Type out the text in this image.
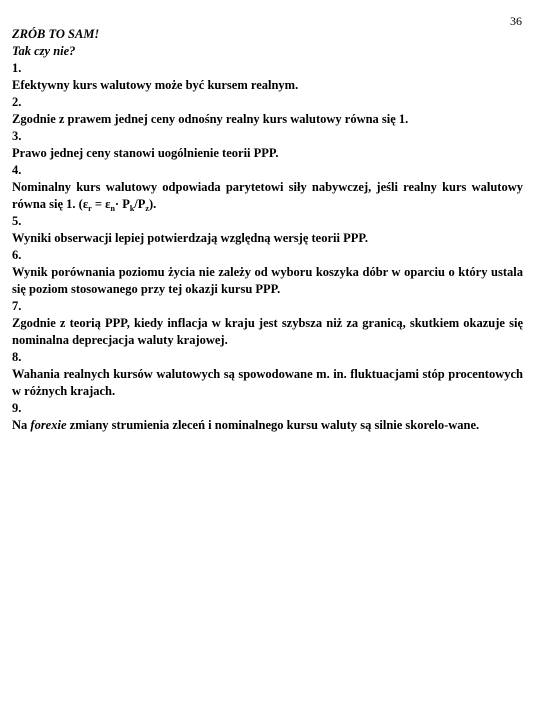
36
ZRÓB TO SAM!
Tak czy nie?
1.
Efektywny kurs walutowy może być kursem realnym.
2.
Zgodnie z prawem jednej ceny odnośny realny kurs walutowy równa się 1.
3.
Prawo jednej ceny stanowi uogólnienie teorii PPP.
4.
Nominalny kurs walutowy odpowiada parytetowi siły nabywczej, jeśli realny kurs walutowy równa się 1. $(\varepsilon_r = \varepsilon_n\cdot P_k/P_z)$.
5.
Wyniki obserwacji lepiej potwierdzają względną wersję teorii PPP.
6.
Wynik porównania poziomu życia nie zależy od wyboru koszyka dóbr w oparciu o który ustala się poziom stosowanego przy tej okazji kursu PPP.
7.
Zgodnie z teorią PPP, kiedy inflacja w kraju jest szybsza niż za granicą, skutkiem okazuje się nominalna deprecjacja waluty krajowej.
8.
Wahania realnych kursów walutowych są spowodowane m. in. fluktuacjami stóp procentowych w różnych krajach.
9.
Na forexie zmiany strumienia zleceń i nominalnego kursu waluty są silnie skorelo-wane.
